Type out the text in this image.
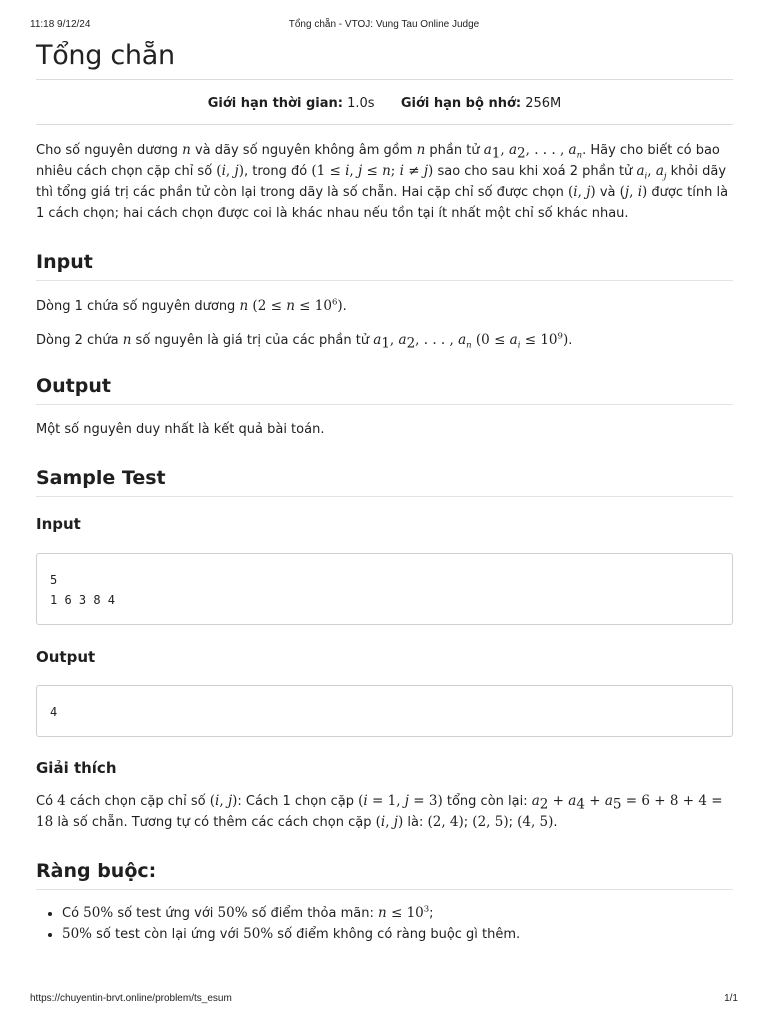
11:18 9/12/24	Tổng chẵn - VTOJ: Vung Tau Online Judge
Tổng chẵn
Giới hạn thời gian: 1.0s Giới hạn bộ nhớ: 256M

Cho số nguyên dương n và dãy số nguyên không âm gồm n phần tử $a_1$, $a_2$, . . . , $a_n$. Hãy cho biết có bao nhiêu cách chọn cặp chỉ số (i, j), trong đó (1 ≤ i, j ≤ n; i ≠ j) sao cho sau khi xoá 2 phần tử $a_i$, $a_j$ khỏi dãy thì tổng giá trị các phần tử còn lại trong dãy là số chẵn. Hai cặp chỉ số được chọn (i, j) và (j, i) được tính là 1 cách chọn; hai cách chọn được coi là khác nhau nếu tồn tại ít nhất một chỉ số khác nhau.

Input

Dòng 1 chứa số nguyên dương n $(2 \le n \le 10^6)$.

Dòng 2 chứa n số nguyên là giá trị của các phần tử $a_1$, $a_2$, . . . , $a_n$ $(0 \le a_i \le 10^9)$.

Output

Một số nguyên duy nhất là kết quả bài toán.

Sample Test
Input
5
1 6 3 8 4
Output
4
Giải thích

Có 4 cách chọn cặp chỉ số (i, j): Cách 1 chọn cặp (i = 1, j = 3) tổng còn lại: $a_2 + a_4 + a_5 = 6 + 8 + 4 = 18$ là số chẵn. Tương tự có thêm các cách chọn cặp (i, j) là: (2, 4); (2, 5); (4, 5).

Ràng buộc:
• Có 50% số test ứng với 50% số điểm thỏa mãn: $n \le 10^3$;
• 50% số test còn lại ứng với 50% số điểm không có ràng buộc gì thêm.
https://chuyentin-brvt.online/problem/ts_esum	1/1
